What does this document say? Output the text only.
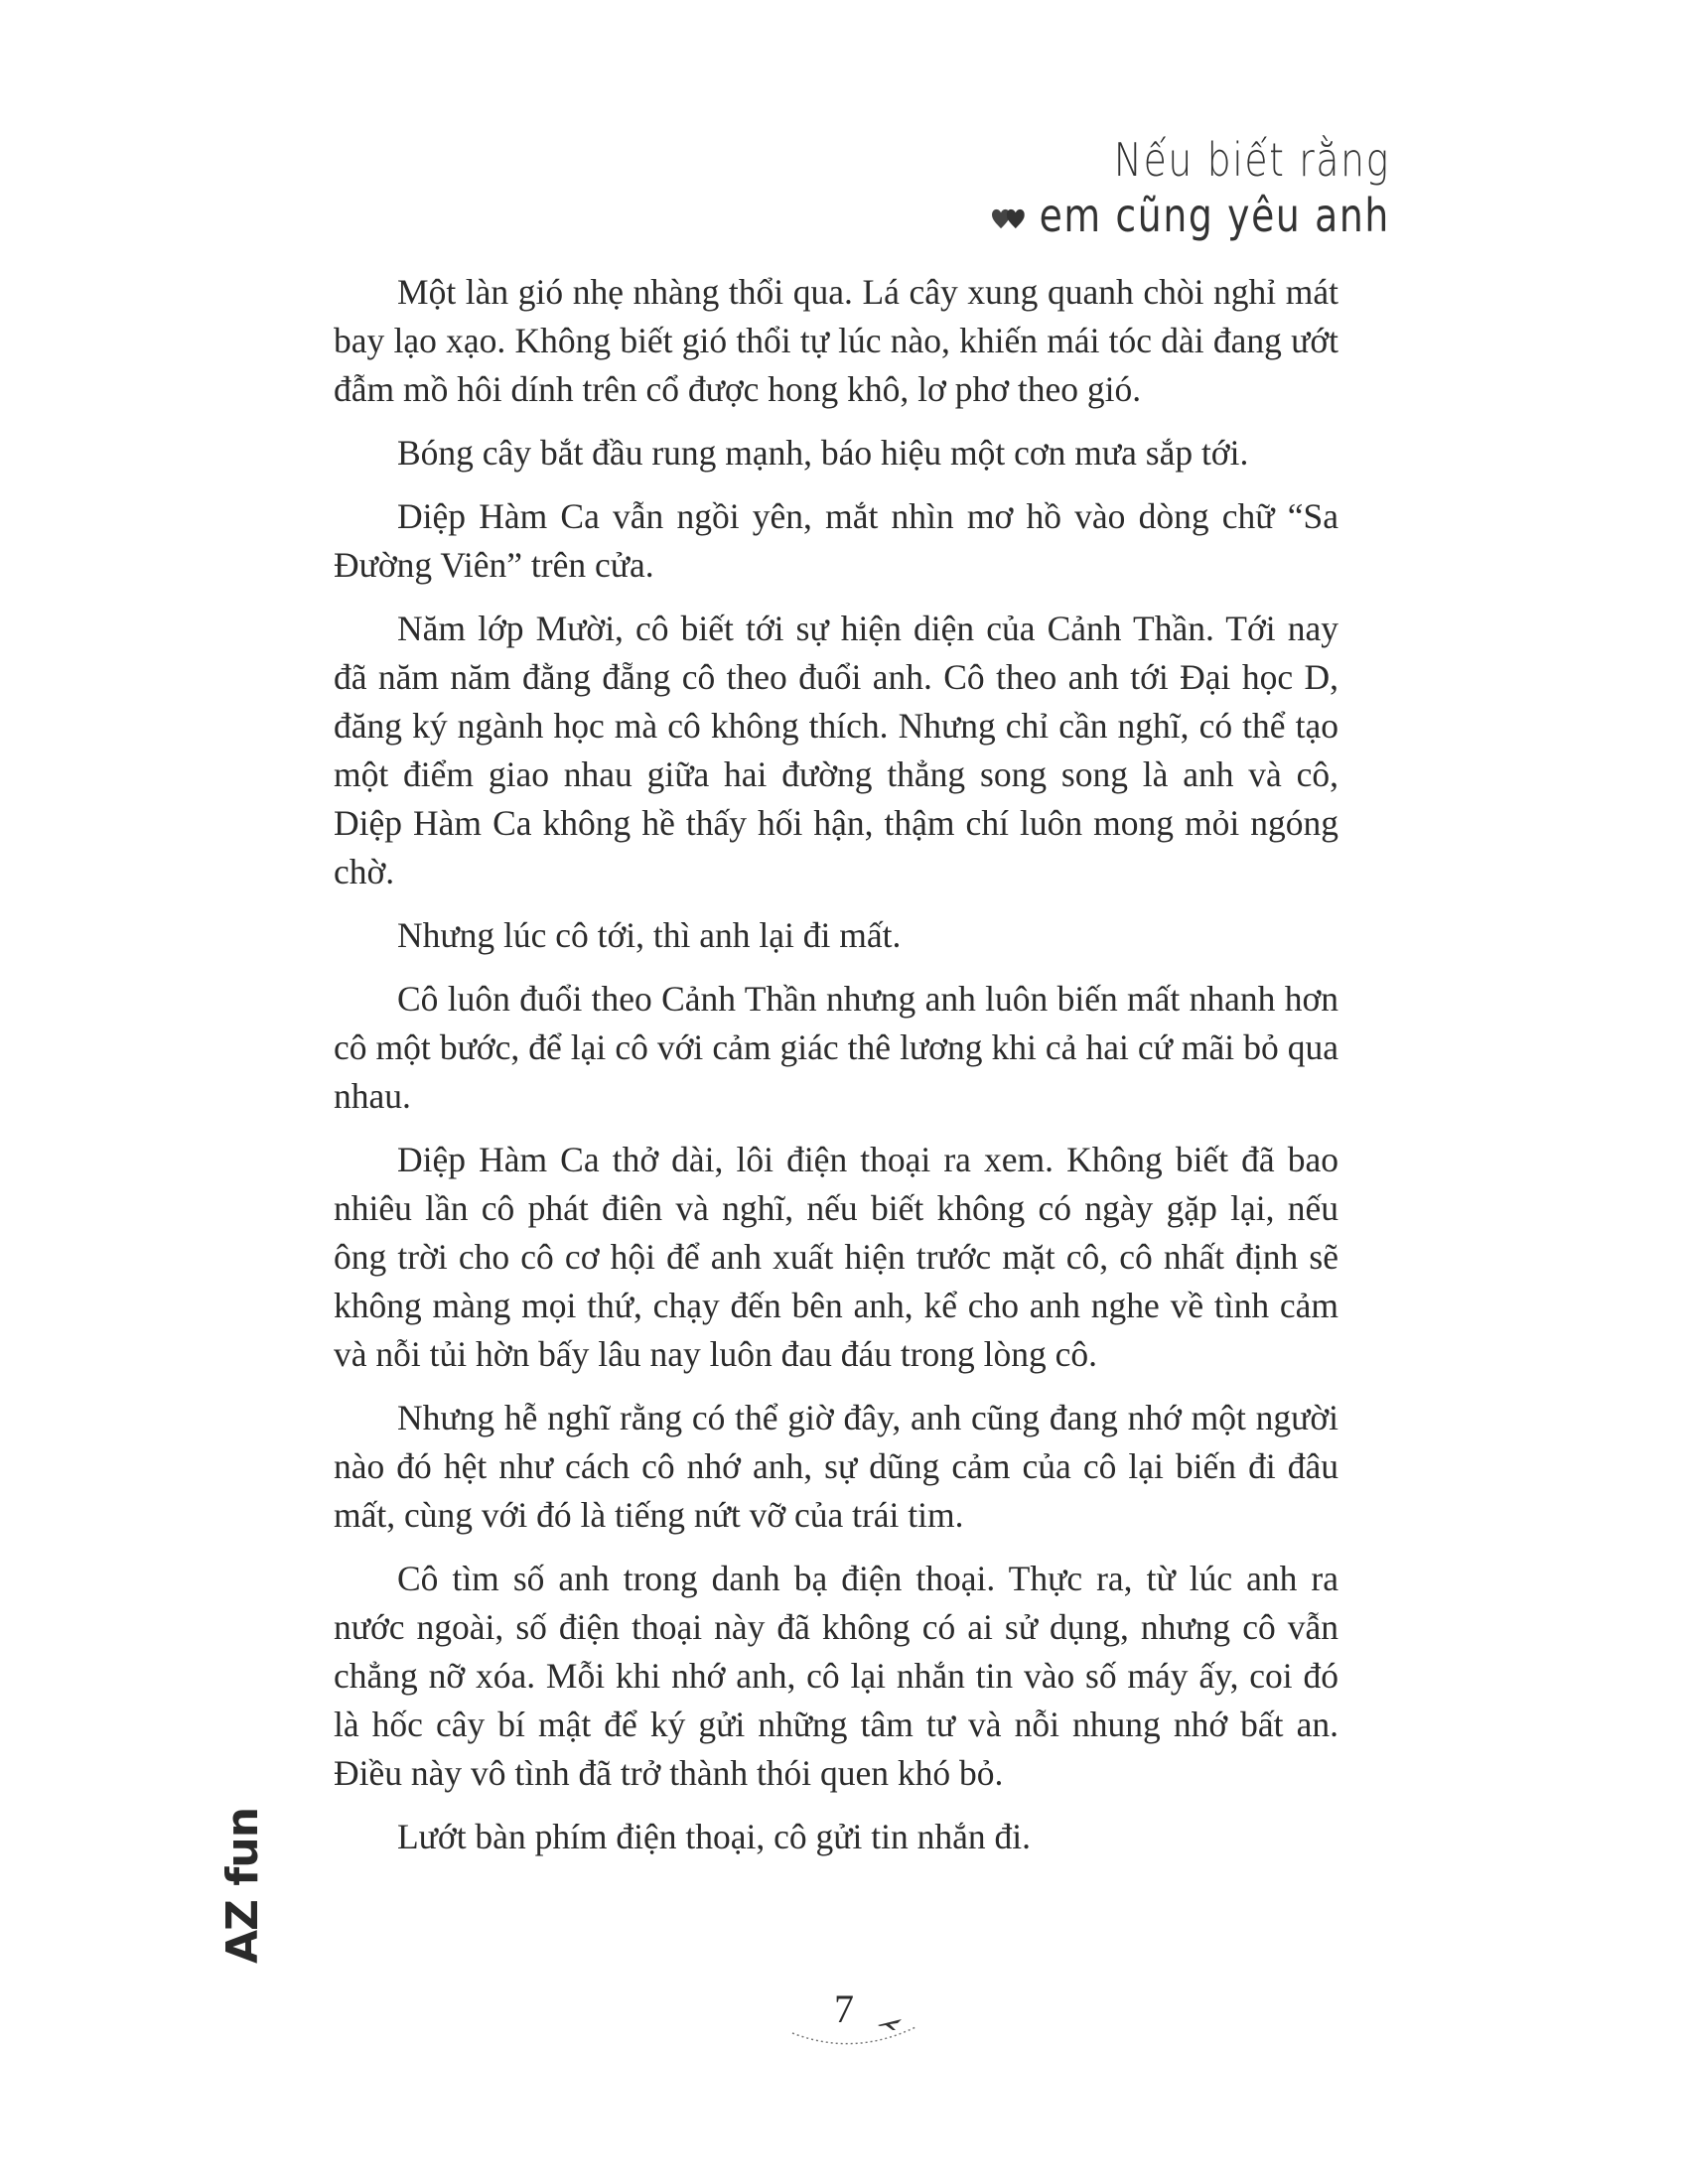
Nếu biết rằng
em cũng yêu anh

Một làn gió nhẹ nhàng thổi qua. Lá cây xung quanh chòi nghỉ mát bay lạo xạo. Không biết gió thổi tự lúc nào, khiến mái tóc dài đang ướt đẫm mồ hôi dính trên cổ được hong khô, lơ phơ theo gió.

Bóng cây bắt đầu rung mạnh, báo hiệu một cơn mưa sắp tới.

Diệp Hàm Ca vẫn ngồi yên, mắt nhìn mơ hồ vào dòng chữ “Sa Đường Viên” trên cửa.

Năm lớp Mười, cô biết tới sự hiện diện của Cảnh Thần. Tới nay đã năm năm đằng đẵng cô theo đuổi anh. Cô theo anh tới Đại học D, đăng ký ngành học mà cô không thích. Nhưng chỉ cần nghĩ, có thể tạo một điểm giao nhau giữa hai đường thẳng song song là anh và cô, Diệp Hàm Ca không hề thấy hối hận, thậm chí luôn mong mỏi ngóng chờ.

Nhưng lúc cô tới, thì anh lại đi mất.

Cô luôn đuổi theo Cảnh Thần nhưng anh luôn biến mất nhanh hơn cô một bước, để lại cô với cảm giác thê lương khi cả hai cứ mãi bỏ qua nhau.

Diệp Hàm Ca thở dài, lôi điện thoại ra xem. Không biết đã bao nhiêu lần cô phát điên và nghĩ, nếu biết không có ngày gặp lại, nếu ông trời cho cô cơ hội để anh xuất hiện trước mặt cô, cô nhất định sẽ không màng mọi thứ, chạy đến bên anh, kể cho anh nghe về tình cảm và nỗi tủi hờn bấy lâu nay luôn đau đáu trong lòng cô.

Nhưng hễ nghĩ rằng có thể giờ đây, anh cũng đang nhớ một người nào đó hệt như cách cô nhớ anh, sự dũng cảm của cô lại biến đi đâu mất, cùng với đó là tiếng nứt vỡ của trái tim.

Cô tìm số anh trong danh bạ điện thoại. Thực ra, từ lúc anh ra nước ngoài, số điện thoại này đã không có ai sử dụng, nhưng cô vẫn chẳng nỡ xóa. Mỗi khi nhớ anh, cô lại nhắn tin vào số máy ấy, coi đó là hốc cây bí mật để ký gửi những tâm tư và nỗi nhung nhớ bất an. Điều này vô tình đã trở thành thói quen khó bỏ.

Lướt bàn phím điện thoại, cô gửi tin nhắn đi.

AZ fun
7
